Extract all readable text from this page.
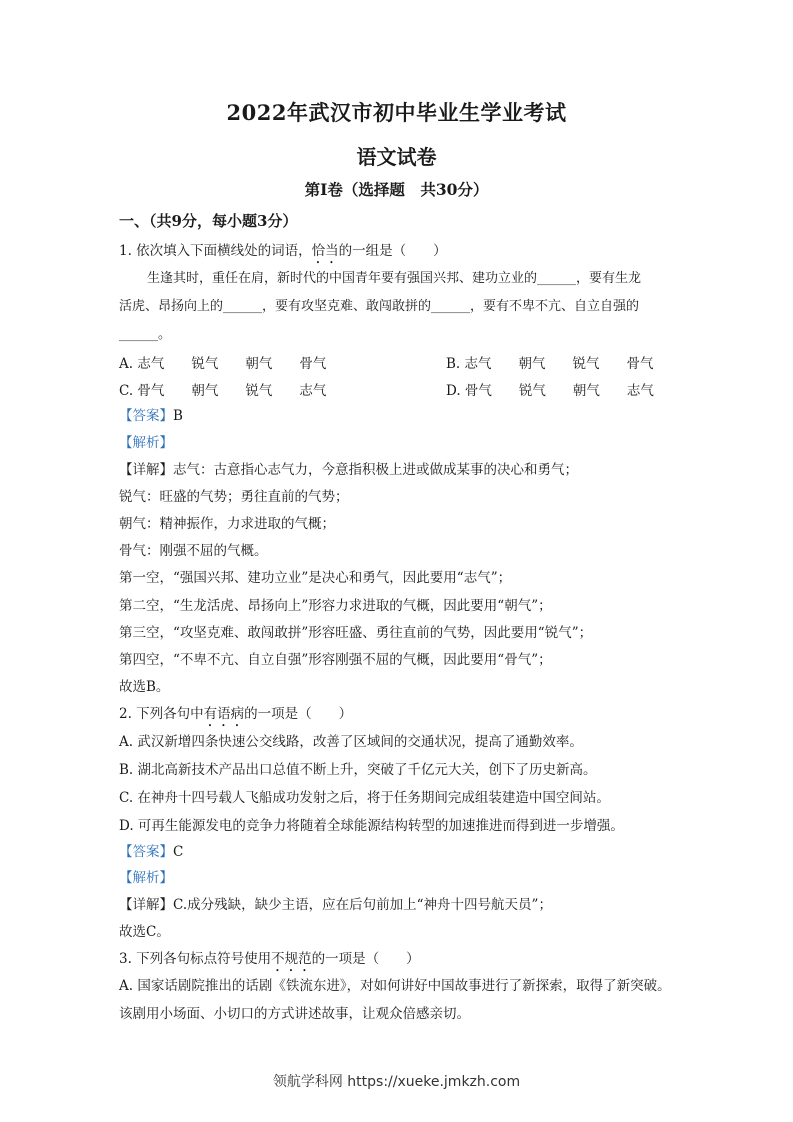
2022年武汉市初中毕业生学业考试
语文试卷
第Ⅰ卷（选择题　共30分）
一、（共9分，每小题3分）
1. 依次填入下面横线处的词语，恰当的一组是（　　）
生逢其时，重任在肩，新时代的中国青年要有强国兴邦、建功立业的______，要有生龙
活虎、昂扬向上的______，要有攻坚克难、敢闯敢拼的______，要有不卑不亢、自立自强的
______。
A. 志气　　锐气　　朝气　　骨气	B. 志气　　朝气　　锐气　　骨气
C. 骨气　　朝气　　锐气　　志气	D. 骨气　　锐气　　朝气　　志气
【答案】B
【解析】
【详解】志气：古意指心志气力，今意指积极上进或做成某事的决心和勇气；
锐气：旺盛的气势；勇往直前的气势；
朝气：精神振作，力求进取的气概；
骨气：刚强不屈的气概。
第一空，“强国兴邦、建功立业”是决心和勇气，因此要用“志气”；
第二空，“生龙活虎、昂扬向上”形容力求进取的气概，因此要用“朝气”；
第三空，“攻坚克难、敢闯敢拼”形容旺盛、勇往直前的气势，因此要用“锐气”；
第四空，“不卑不亢、自立自强”形容刚强不屈的气概，因此要用“骨气”；
故选B。
2. 下列各句中有语病的一项是（　　）
A. 武汉新增四条快速公交线路，改善了区域间的交通状况，提高了通勤效率。
B. 湖北高新技术产品出口总值不断上升，突破了千亿元大关，创下了历史新高。
C. 在神舟十四号载人飞船成功发射之后，将于任务期间完成组装建造中国空间站。
D. 可再生能源发电的竞争力将随着全球能源结构转型的加速推进而得到进一步增强。
【答案】C
【解析】
【详解】C.成分残缺，缺少主语，应在后句前加上“神舟十四号航天员”；
故选C。
3. 下列各句标点符号使用不规范的一项是（　　）
A. 国家话剧院推出的话剧《铁流东进》，对如何讲好中国故事进行了新探索，取得了新突破。
该剧用小场面、小切口的方式讲述故事，让观众倍感亲切。
领航学科网 https://xueke.jmkzh.com
